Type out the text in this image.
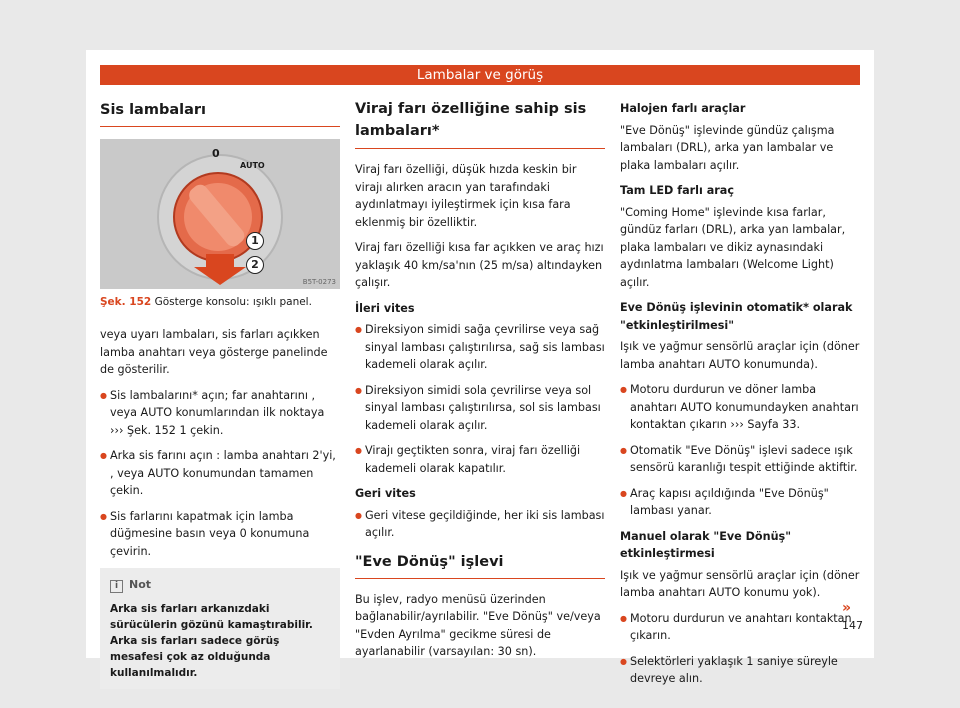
Lambalar ve görüş
Sis lambaları
0
AUTO
1
2
B5T-0273
Şek. 152 Gösterge konsolu: ışıklı panel.

veya uyarı lambaları, sis farları açıkken lamba anahtarı veya gösterge panelinde de gösterilir.

● Sis lambalarını* açın; far anahtarını , veya AUTO konumlarından ilk noktaya ››› Şek. 152 1 çekin.

● Arka sis farını açın : lamba anahtarı 2'yi, , veya AUTO konumundan tamamen çekin.

● Sis farlarını kapatmak için lamba düğmesine basın veya 0 konumuna çevirin.

i Not
Arka sis farları arkanızdaki sürücülerin gözünü kamaştırabilir. Arka sis farları sadece görüş mesafesi çok az olduğunda kullanılmalıdır.
Viraj farı özelliğine sahip sis lambaları*

Viraj farı özelliği, düşük hızda keskin bir virajı alırken aracın yan tarafındaki aydınlatmayı iyileştirmek için kısa fara eklenmiş bir özelliktir.

Viraj farı özelliği kısa far açıkken ve araç hızı yaklaşık 40 km/sa'nın (25 m/sa) altındayken çalışır.

İleri vites

● Direksiyon simidi sağa çevrilirse veya sağ sinyal lambası çalıştırılırsa, sağ sis lambası kademeli olarak açılır.

● Direksiyon simidi sola çevrilirse veya sol sinyal lambası çalıştırılırsa, sol sis lambası kademeli olarak açılır.

● Virajı geçtikten sonra, viraj farı özelliği kademeli olarak kapatılır.

Geri vites

● Geri vitese geçildiğinde, her iki sis lambası açılır.

"Eve Dönüş" işlevi

Bu işlev, radyo menüsü üzerinden bağlanabilir/ayrılabilir. "Eve Dönüş" ve/veya "Evden Ayrılma" gecikme süresi de ayarlanabilir (varsayılan: 30 sn).

Halojen farlı araçlar

"Eve Dönüş" işlevinde gündüz çalışma lambaları (DRL), arka yan lambalar ve plaka lambaları açılır.

Tam LED farlı araç

"Coming Home" işlevinde kısa farlar, gündüz farları (DRL), arka yan lambalar, plaka lambaları ve dikiz aynasındaki aydınlatma lambaları (Welcome Light) açılır.

Eve Dönüş işlevinin otomatik* olarak "etkinleştirilmesi"

Işık ve yağmur sensörlü araçlar için (döner lamba anahtarı AUTO konumunda).

● Motoru durdurun ve döner lamba anahtarı AUTO konumundayken anahtarı kontaktan çıkarın ››› Sayfa 33.

● Otomatik "Eve Dönüş" işlevi sadece ışık sensörü karanlığı tespit ettiğinde aktiftir.

● Araç kapısı açıldığında "Eve Dönüş" lambası yanar.

Manuel olarak "Eve Dönüş" etkinleştirmesi

Işık ve yağmur sensörlü araçlar için (döner lamba anahtarı AUTO konumu yok).

● Motoru durdurun ve anahtarı kontaktan çıkarın.

● Selektörleri yaklaşık 1 saniye süreyle devreye alın.

»
147
